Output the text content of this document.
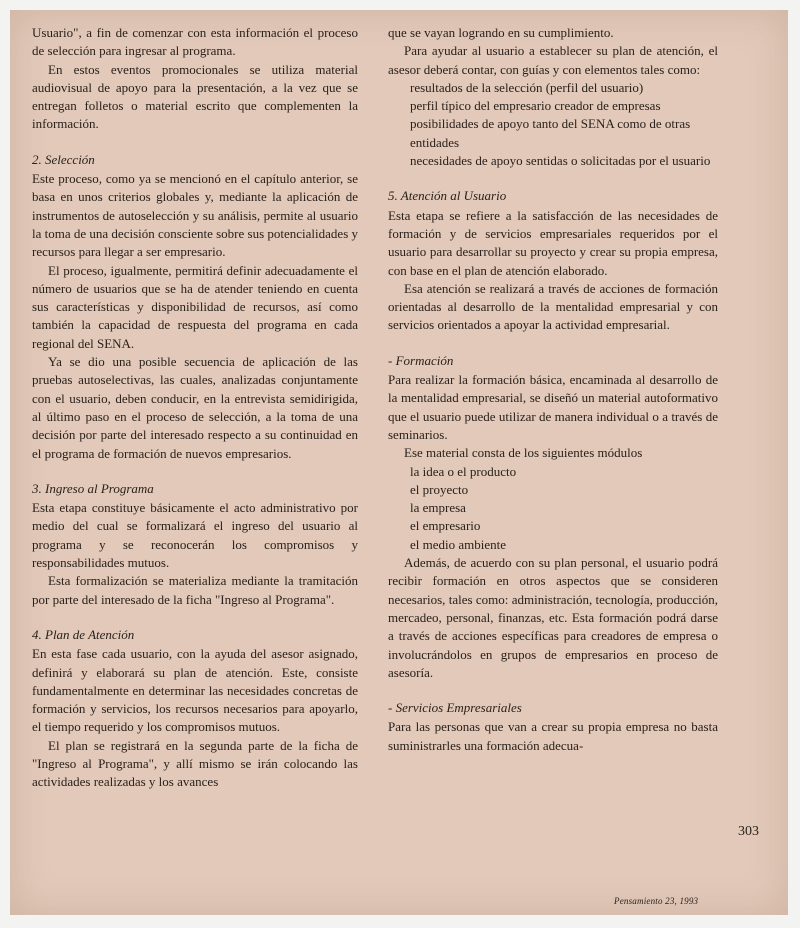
Usuario", a fin de comenzar con esta información el proceso de selección para ingresar al programa.

En estos eventos promocionales se utiliza material audiovisual de apoyo para la presentación, a la vez que se entregan folletos o material escrito que complementen la información.

2. Selección

Este proceso, como ya se mencionó en el capítulo anterior, se basa en unos criterios globales y, mediante la aplicación de instrumentos de autoselección y su análisis, permite al usuario la toma de una decisión consciente sobre sus potencialidades y recursos para llegar a ser empresario.

El proceso, igualmente, permitirá definir adecuadamente el número de usuarios que se ha de atender teniendo en cuenta sus características y disponibilidad de recursos, así como también la capacidad de respuesta del programa en cada regional del SENA.

Ya se dio una posible secuencia de aplicación de las pruebas autoselectivas, las cuales, analizadas conjuntamente con el usuario, deben conducir, en la entrevista semidirigida, al último paso en el proceso de selección, a la toma de una decisión por parte del interesado respecto a su continuidad en el programa de formación de nuevos empresarios.

3. Ingreso al Programa

Esta etapa constituye básicamente el acto administrativo por medio del cual se formalizará el ingreso del usuario al programa y se reconocerán los compromisos y responsabilidades mutuos.

Esta formalización se materializa mediante la tramitación por parte del interesado de la ficha "Ingreso al Programa".

4. Plan de Atención

En esta fase cada usuario, con la ayuda del asesor asignado, definirá y elaborará su plan de atención. Este, consiste fundamentalmente en determinar las necesidades concretas de formación y servicios, los recursos necesarios para apoyarlo, el tiempo requerido y los compromisos mutuos.

El plan se registrará en la segunda parte de la ficha de "Ingreso al Programa", y allí mismo se irán colocando las actividades realizadas y los avances

que se vayan logrando en su cumplimiento.

Para ayudar al usuario a establecer su plan de atención, el asesor deberá contar, con guías y con elementos tales como:

resultados de la selección (perfil del usuario)
perfil típico del empresario creador de empresas
posibilidades de apoyo tanto del SENA como de otras entidades
necesidades de apoyo sentidas o solicitadas por el usuario
5. Atención al Usuario

Esta etapa se refiere a la satisfacción de las necesidades de formación y de servicios empresariales requeridos por el usuario para desarrollar su proyecto y crear su propia empresa, con base en el plan de atención elaborado.

Esa atención se realizará a través de acciones de formación orientadas al desarrollo de la mentalidad empresarial y con servicios orientados a apoyar la actividad empresarial.

- Formación

Para realizar la formación básica, encaminada al desarrollo de la mentalidad empresarial, se diseñó un material autoformativo que el usuario puede utilizar de manera individual o a través de seminarios.

Ese material consta de los siguientes módulos

la idea o el producto
el proyecto
la empresa
el empresario
el medio ambiente

Además, de acuerdo con su plan personal, el usuario podrá recibir formación en otros aspectos que se consideren necesarios, tales como: administración, tecnología, producción, mercadeo, personal, finanzas, etc. Esta formación podrá darse a través de acciones específicas para creadores de empresa o involucrándolos en grupos de empresarios en proceso de asesoría.

- Servicios Empresariales

Para las personas que van a crear su propia empresa no basta suministrarles una formación adecua-

303
Pensamiento 23, 1993
